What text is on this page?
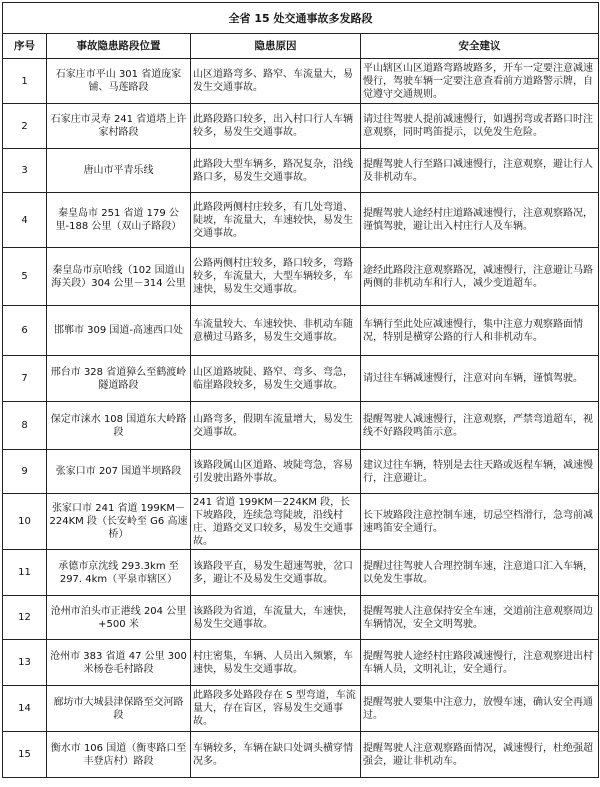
全省 15 处交通事故多发路段			
序号	事故隐患路段位置	隐患原因	安全建议
1	石家庄市平山 301 省道庞家铺、马莲路段	山区道路弯多、路窄、车流量大，易发生交通事故。	平山辖区山区道路弯路坡路多，开车一定要注意减速慢行，驾驶车辆一定要注意查看前方道路警示牌，自觉遵守交通规则。
2	石家庄市灵寿 241 省道塔上许家村路段	此路段路口较多，出入村口行人车辆较多，易发生交通事故。	请过往驾驶人提前减速慢行，如遇拐弯或者路口时注意观察，同时鸣笛提示，以免发生危险。
3	唐山市平青乐线	此路段大型车辆多，路况复杂，沿线路口多，易发生交通事故。	提醒驾驶人行至路口减速慢行，注意观察，避让行人及非机动车。
4	秦皇岛市 251 省道 179 公里-188 公里（双山子路段）	此路段两侧村庄较多，有几处弯道、陡坡，车流量大，车速较快，易发生交通事故。	提醒驾驶人途经村庄道路减速慢行，注意观察路况，谨慎驾驶，避让出入村庄行人及车辆。
5	秦皇岛市京哈线（102 国道山海关段）304 公里－314 公里	公路两侧村庄较多，路口较多，弯路较多，车流量大，大型车辆较多，车速快，易发生交通事故。	途经此路段注意观察路况，减速慢行，注意避让马路两侧的非机动车和行人，减少变道超车。
6	邯郸市 309 国道-高速西口处	车流量较大、车速较快、非机动车随意横过马路多，易发生交通事故。	车辆行至此处应减速慢行，集中注意力观察路面情况，特别是横穿公路的行人和非机动车。
7	邢台市 328 省道獐么至鹤渡岭隧道路段	山区道路坡陡、路窄、弯多、弯急，临崖路段较多，易发生交通事故。	请过往车辆减速慢行，注意对向车辆，谨慎驾驶。
8	保定市涞水 108 国道东大岭路段	山路弯多，假期车流量增大，易发生交通事故。	提醒驾驶人减速慢行，注意观察，严禁弯道超车，视线不好路段鸣笛示意。
9	张家口市 207 国道半坝路段	该路段属山区道路、坡陡弯急，容易引发驶出路外事故。	建议过往车辆，特别是去往天路或返程车辆，减速慢行，注意避让。
10	张家口市 241 省道 199KM－224KM 段（长安岭至 G6 高速桥）	241 省道 199KM－224KM 段，长下坡路段，连续急弯陡坡，沿线村庄、道路交叉口较多，易发生交通事故。	长下坡路段注意控制车速，切忌空档滑行，急弯前减速鸣笛安全通行。
11	承德市京沈线 293.3km 至 297. 4km（平泉市辖区）	该路段平直，易发生超速驾驶，岔口多，避让不及易发生交通事故。	提醒过往驾驶人合理控制车速，注意道口汇入车辆，以免发生事故。
12	沧州市泊头市正港线 204 公里+500 米	该路段为省道，车流量大，车速快，易发生交通事故。	提醒驾驶人注意保持安全车速，交道前注意观察周边车辆情况，安全文明驾驶。
13	沧州市 383 省道 47 公里 300 米杨卷毛村路段	村庄密集，车辆、人员出入频繁，车速快，易发生交通事故。	提醒驾驶人途经村庄路段减速慢行，注意观察进出村车辆人员，文明礼让，安全通行。
14	廊坊市大城县津保路至交河路段	此路段多处路段存在 S 型弯道，车流量大，存在盲区，容易发生交通事故。	提醒驾驶人要集中注意力，放慢车速，确认安全再通过。
15	衡水市 106 国道（衡枣路口至丰登店村）路段	车辆较多，车辆在缺口处调头横穿情况多。	提醒驾驶人注意观察路面情况，减速慢行，杜绝强超强会，避让非机动车。
